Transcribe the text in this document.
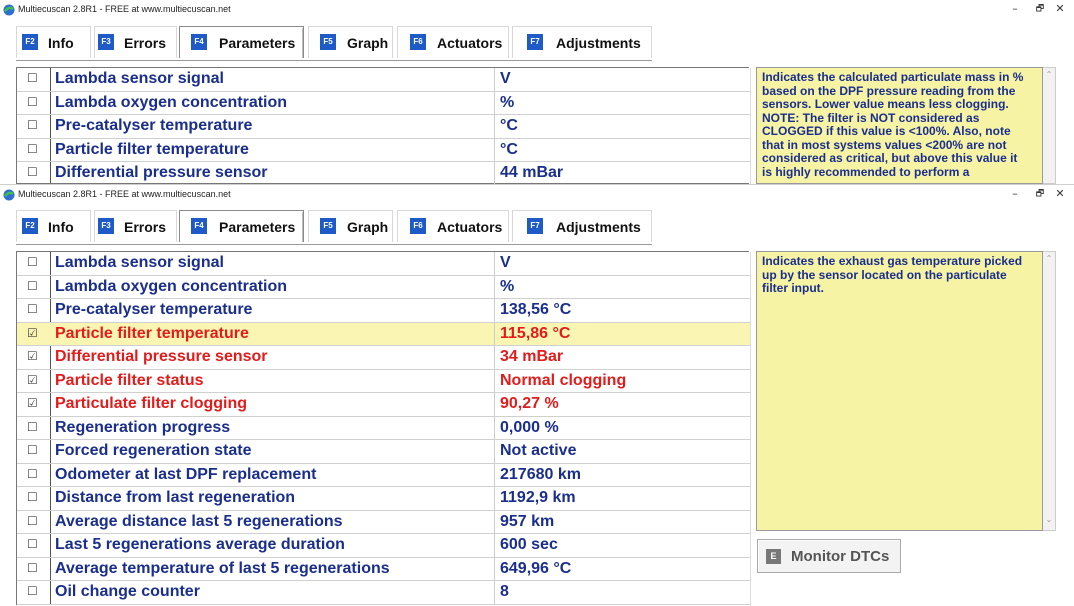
Multiecuscan 2.8R1 - FREE at www.multiecuscan.net	–	🗗	✕
F2 Info	F3 Errors	F4 Parameters	F5 Graph	F6 Actuators	F7 Adjustments
☐ Lambda sensor signal	V
☐ Lambda oxygen concentration	%
☐ Pre-catalyser temperature	°C
☐ Particle filter temperature	°C
☐ Differential pressure sensor	44 mBar
Indicates the calculated particulate mass in % based on the DPF pressure reading from the sensors. Lower value means less clogging. NOTE: The filter is NOT considered as CLOGGED if this value is <100%. Also, note that in most systems values <200% are not considered as critical, but above this value it is highly recommended to perform a
⌃
Multiecuscan 2.8R1 - FREE at www.multiecuscan.net	–	🗗	✕
F2 Info	F3 Errors	F4 Parameters	F5 Graph	F6 Actuators	F7 Adjustments
☐ Lambda sensor signal	V
☐ Lambda oxygen concentration	%
☐ Pre-catalyser temperature	138,56 °C
☑ Particle filter temperature	115,86 °C
☑ Differential pressure sensor	34 mBar
☑ Particle filter status	Normal clogging
☑ Particulate filter clogging	90,27 %
☐ Regeneration progress	0,000 %
☐ Forced regeneration state	Not active
☐ Odometer at last DPF replacement	217680 km
☐ Distance from last regeneration	1192,9 km
☐ Average distance last 5 regenerations	957 km
☐ Last 5 regenerations average duration	600 sec
☐ Average temperature of last 5 regenerations	649,96 °C
☐ Oil change counter	8
Indicates the exhaust gas temperature picked up by the sensor located on the particulate filter input.
⌃
⌄
E Monitor DTCs
